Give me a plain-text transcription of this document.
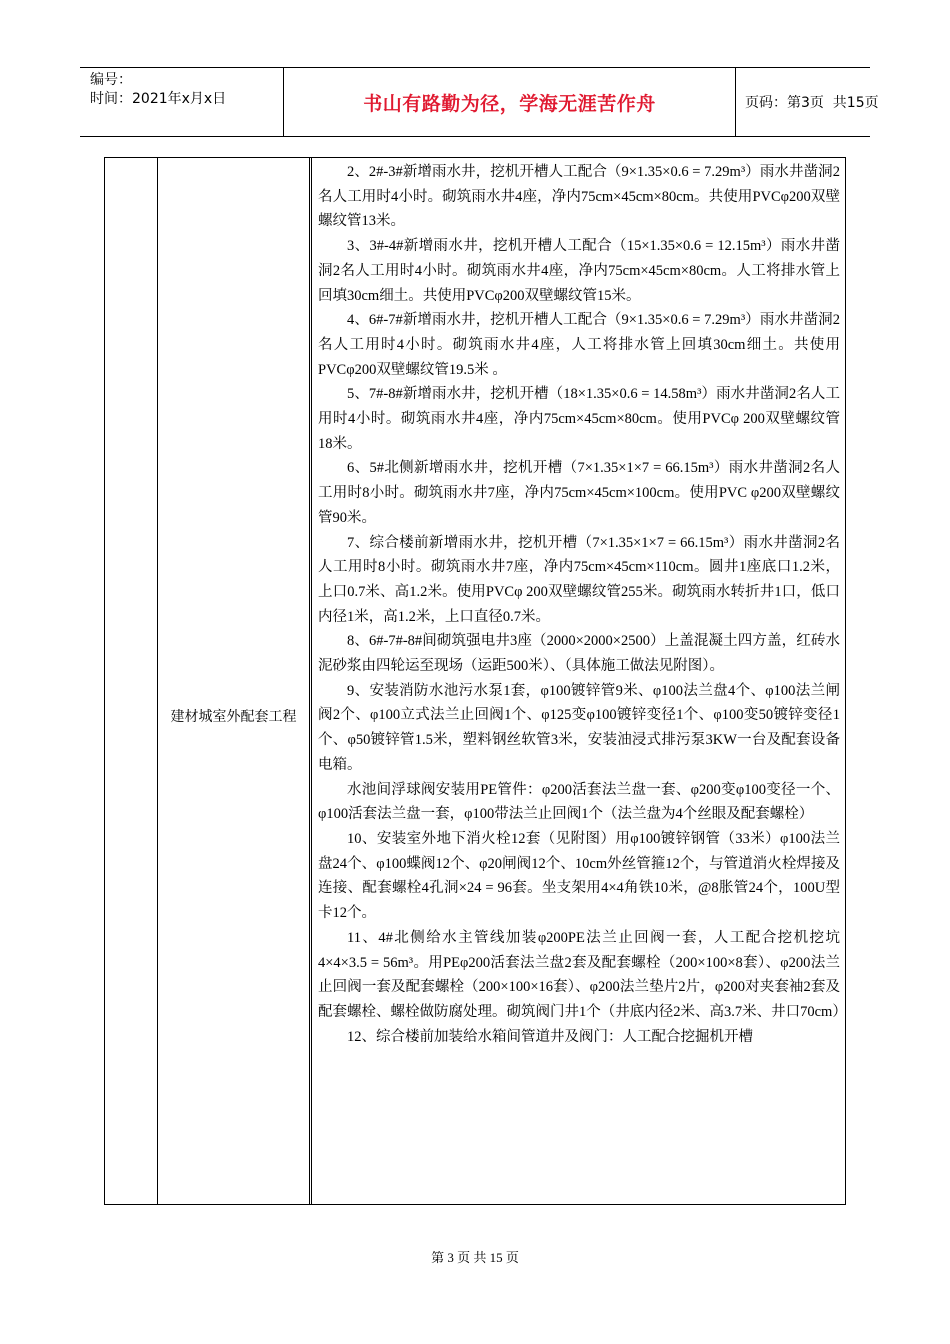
编号：
时间：2021年x月x日	书山有路勤为径，学海无涯苦作舟	页码：第3页  共15页
建材城室外配套工程

2、2#-3#新增雨水井，挖机开槽人工配合（9×1.35×0.6 = 7.29m³）雨水井凿洞2名人工用时4小时。砌筑雨水井4座，净内75cm×45cm×80cm。共使用PVCφ200双壁螺纹管13米。

3、3#-4#新增雨水井，挖机开槽人工配合（15×1.35×0.6 = 12.15m³）雨水井凿洞2名人工用时4小时。砌筑雨水井4座，净内75cm×45cm×80cm。人工将排水管上回填30cm细土。共使用PVCφ200双壁螺纹管15米。

4、6#-7#新增雨水井，挖机开槽人工配合（9×1.35×0.6 = 7.29m³）雨水井凿洞2名人工用时4小时。砌筑雨水井4座，人工将排水管上回填30cm细土。共使用PVCφ200双壁螺纹管19.5米 。

5、7#-8#新增雨水井，挖机开槽（18×1.35×0.6 = 14.58m³）雨水井凿洞2名人工用时4小时。砌筑雨水井4座，净内75cm×45cm×80cm。使用PVCφ 200双壁螺纹管18米。

6、5#北侧新增雨水井，挖机开槽（7×1.35×1×7 = 66.15m³）雨水井凿洞2名人工用时8小时。砌筑雨水井7座，净内75cm×45cm×100cm。使用PVC φ200双壁螺纹管90米。

7、综合楼前新增雨水井，挖机开槽（7×1.35×1×7 = 66.15m³）雨水井凿洞2名人工用时8小时。砌筑雨水井7座，净内75cm×45cm×110cm。圆井1座底口1.2米，上口0.7米、高1.2米。使用PVCφ 200双壁螺纹管255米。砌筑雨水转折井1口，低口内径1米，高1.2米，上口直径0.7米。

8、6#-7#-8#间砌筑强电井3座（2000×2000×2500）上盖混凝土四方盖，红砖水泥砂浆由四轮运至现场（运距500米）、（具体施工做法见附图）。

9、安装消防水池污水泵1套，φ100镀锌管9米、φ100法兰盘4个、φ100法兰闸阀2个、φ100立式法兰止回阀1个、φ125变φ100镀锌变径1个、φ100变50镀锌变径1个、φ50镀锌管1.5米，塑料钢丝软管3米，安装油浸式排污泵3KW一台及配套设备电箱。

水池间浮球阀安装用PE管件：φ200活套法兰盘一套、φ200变φ100变径一个、φ100活套法兰盘一套，φ100带法兰止回阀1个（法兰盘为4个丝眼及配套螺栓）

10、安装室外地下消火栓12套（见附图）用φ100镀锌钢管（33米）φ100法兰盘24个、φ100蝶阀12个、φ20闸阀12个、10cm外丝管箍12个，与管道消火栓焊接及连接、配套螺栓4孔洞×24 = 96套。坐支架用4×4角铁10米，@8胀管24个，100U型卡12个。

11、4#北侧给水主管线加装φ200PE法兰止回阀一套，人工配合挖机挖坑4×4×3.5 = 56m³。用PEφ200活套法兰盘2套及配套螺栓（200×100×8套）、φ200法兰止回阀一套及配套螺栓（200×100×16套）、φ200法兰垫片2片，φ200对夹套袖2套及配套螺栓、螺栓做防腐处理。砌筑阀门井1个（井底内径2米、高3.7米、井口70cm）

12、综合楼前加装给水箱间管道井及阀门：人工配合挖掘机开槽

第 3 页 共 15 页
